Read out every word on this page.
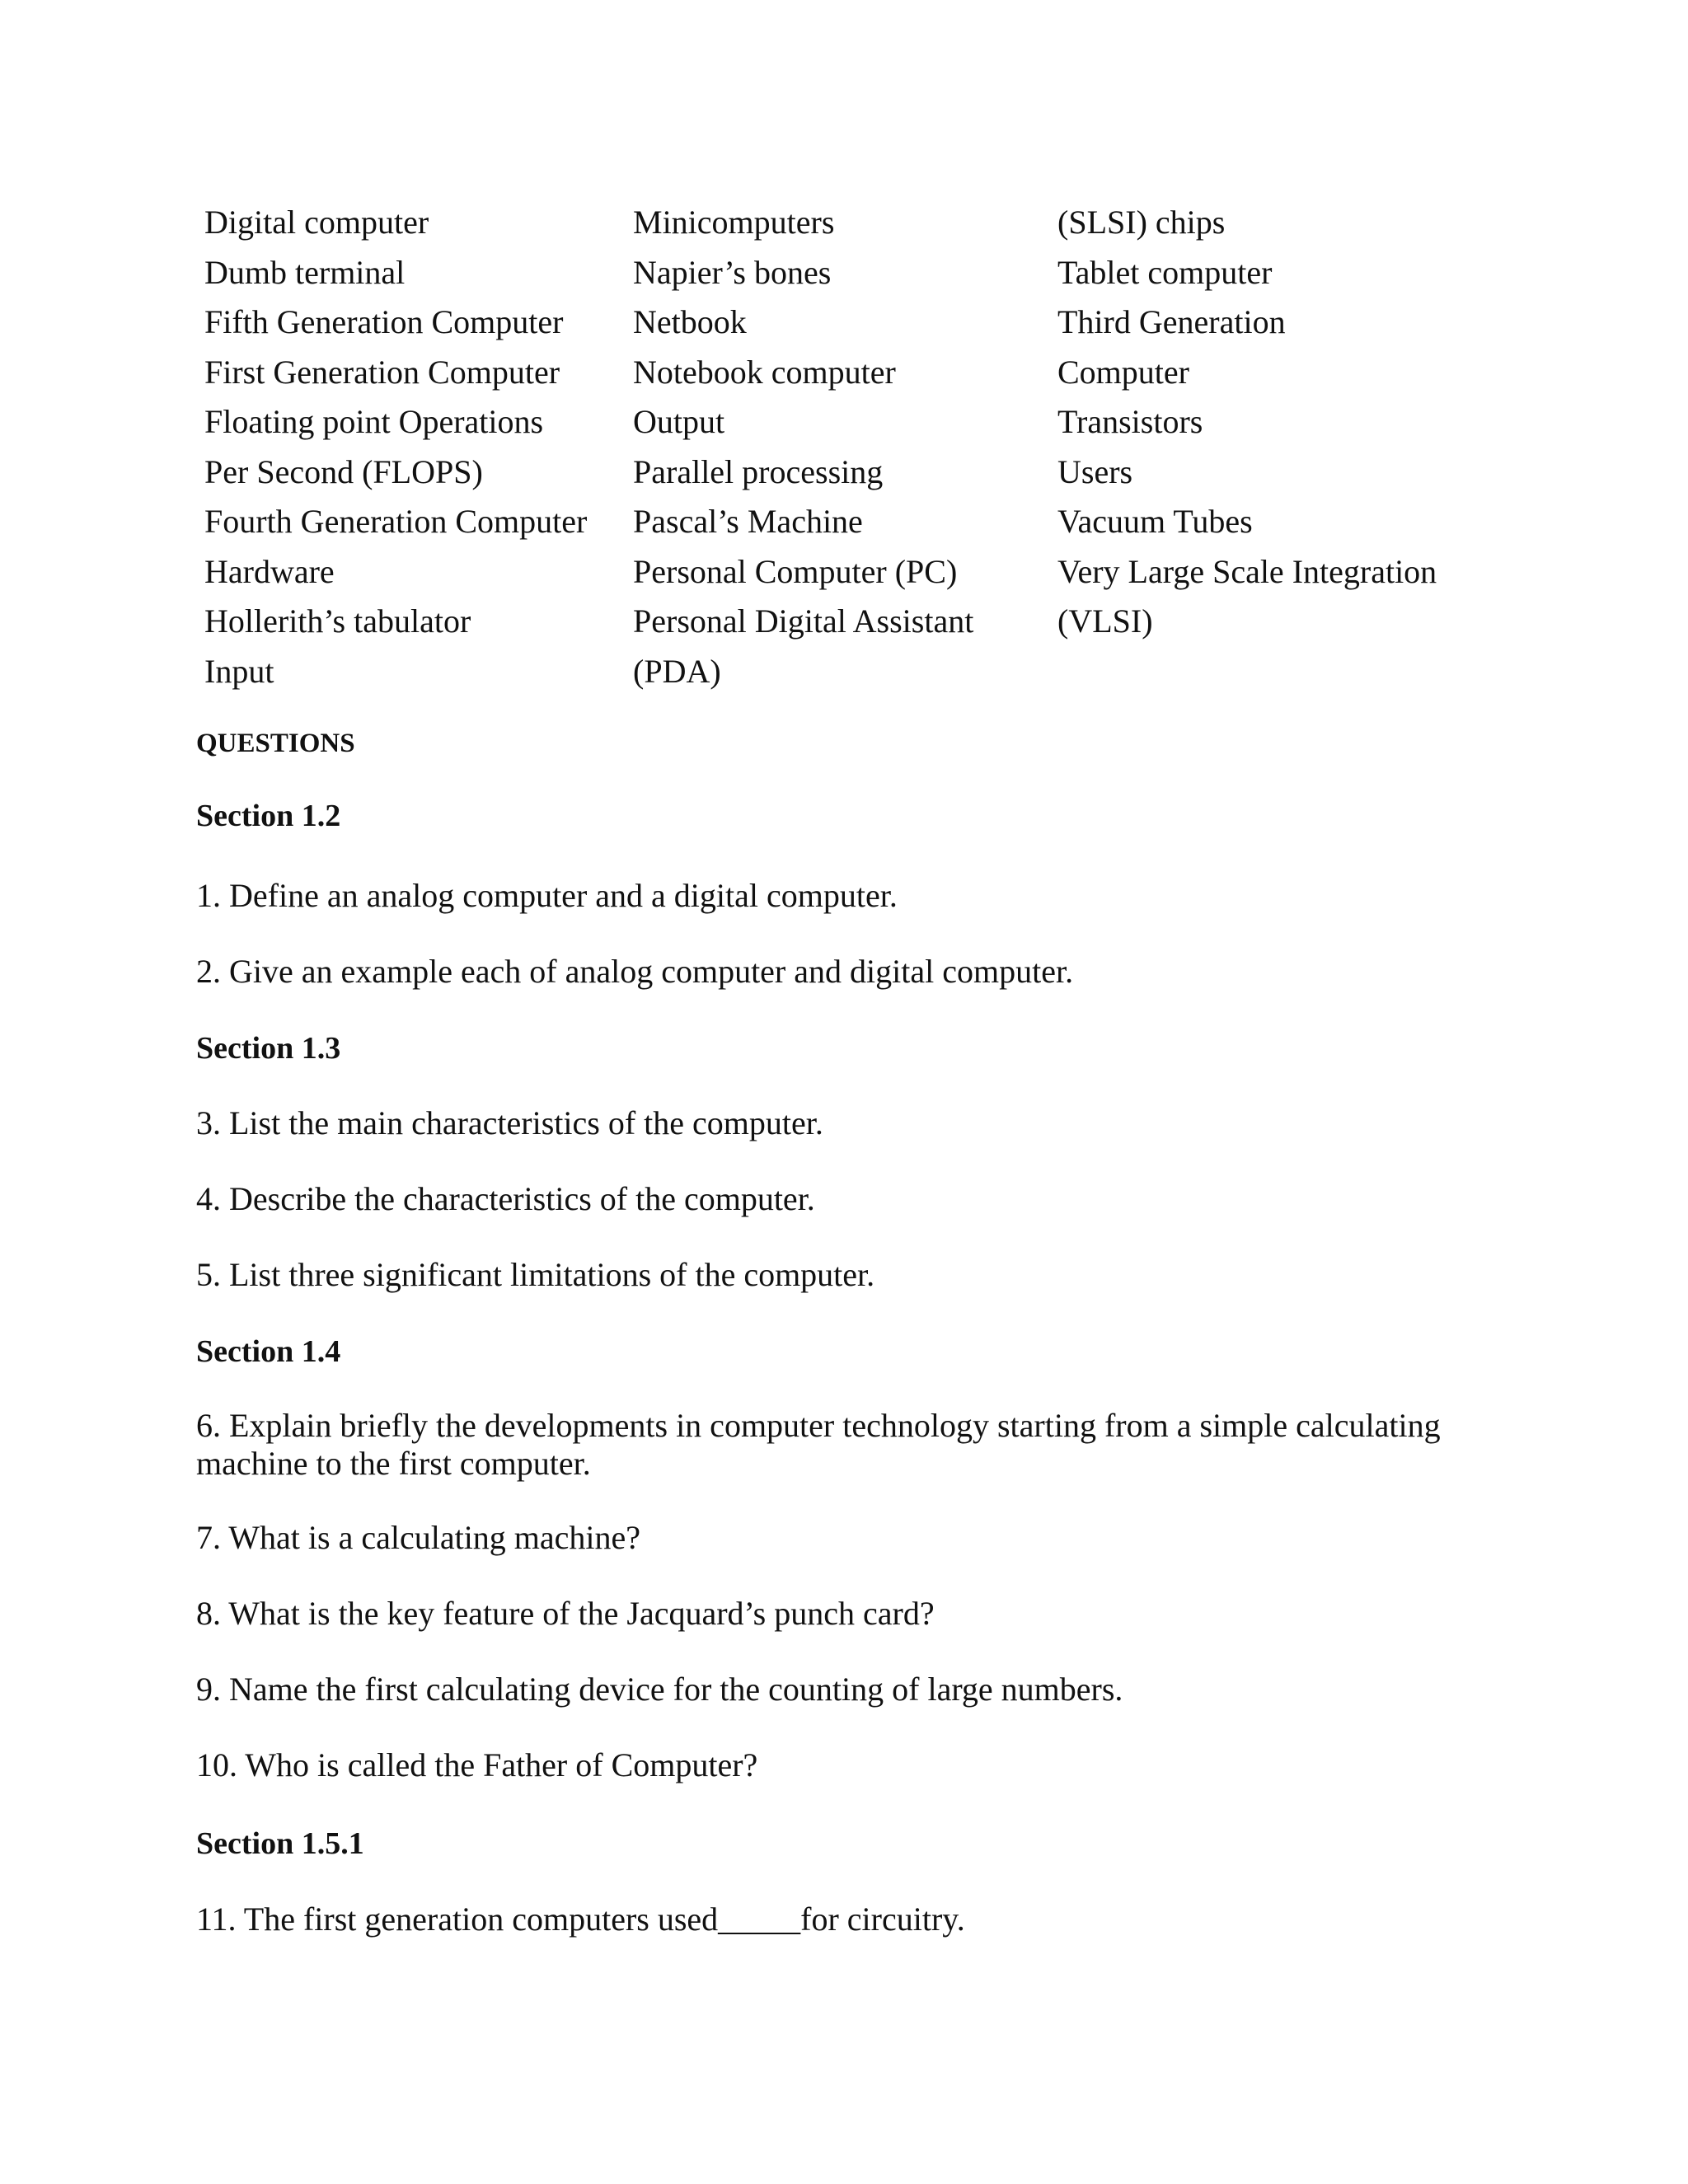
Digital computer
Dumb terminal
Fifth Generation Computer
First Generation Computer
Floating point Operations
Per Second (FLOPS)
Fourth Generation Computer
Hardware
Hollerith’s tabulator
Input
Minicomputers
Napier’s bones
Netbook
Notebook computer
Output
Parallel processing
Pascal’s Machine
Personal Computer (PC)
Personal Digital Assistant
(PDA)
(SLSI) chips
Tablet computer
Third Generation
Computer
Transistors
Users
Vacuum Tubes
Very Large Scale Integration
(VLSI)
QUESTIONS
Section 1.2
1. Define an analog computer and a digital computer.
2. Give an example each of analog computer and digital computer.
Section 1.3
3. List the main characteristics of the computer.
4. Describe the characteristics of the computer.
5. List three significant limitations of the computer.
Section 1.4
6. Explain briefly the developments in computer technology starting from a simple calculating machine to the first computer.
7. What is a calculating machine?
8. What is the key feature of the Jacquard’s punch card?
9. Name the first calculating device for the counting of large numbers.
10. Who is called the Father of Computer?
Section 1.5.1
11. The first generation computers used_____for circuitry.
